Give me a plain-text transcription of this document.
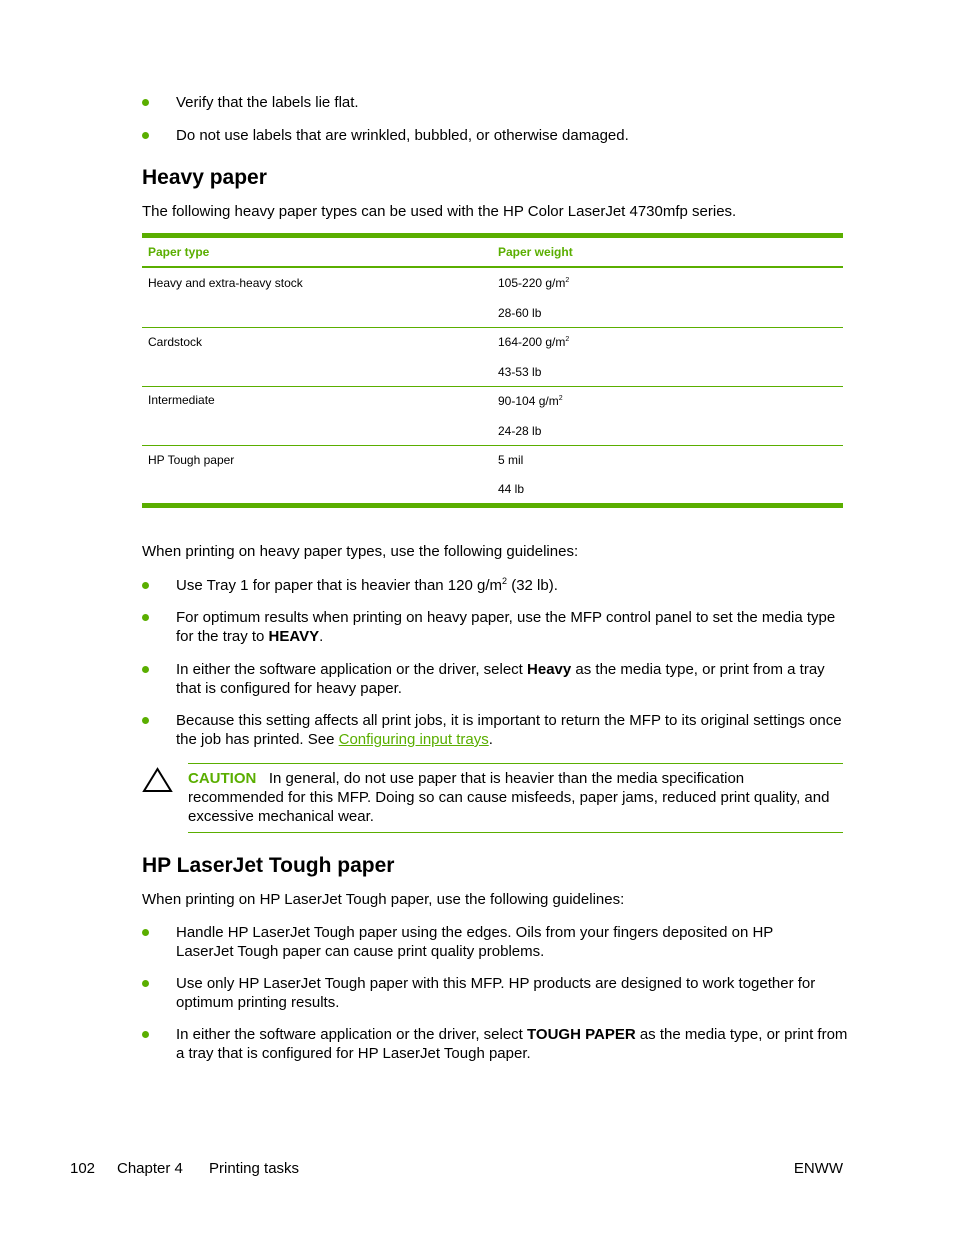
Verify that the labels lie flat.
Do not use labels that are wrinkled, bubbled, or otherwise damaged.
Heavy paper
The following heavy paper types can be used with the HP Color LaserJet 4730mfp series.
Paper type	Paper weight
Heavy and extra-heavy stock	105-220 $g/m^2$
28-60 lb
Cardstock	164-200 $g/m^2$
43-53 lb
Intermediate	90-104 $g/m^2$
24-28 lb
HP Tough paper	5 mil
44 lb
When printing on heavy paper types, use the following guidelines:
Use Tray 1 for paper that is heavier than 120 $g/m^2$ (32 lb).
For optimum results when printing on heavy paper, use the MFP control panel to set the media type for the tray to HEAVY.
In either the software application or the driver, select Heavy as the media type, or print from a tray that is configured for heavy paper.
Because this setting affects all print jobs, it is important to return the MFP to its original settings once the job has printed. See Configuring input trays.
CAUTION In general, do not use paper that is heavier than the media specification recommended for this MFP. Doing so can cause misfeeds, paper jams, reduced print quality, and excessive mechanical wear.
HP LaserJet Tough paper
When printing on HP LaserJet Tough paper, use the following guidelines:
Handle HP LaserJet Tough paper using the edges. Oils from your fingers deposited on HP LaserJet Tough paper can cause print quality problems.
Use only HP LaserJet Tough paper with this MFP. HP products are designed to work together for optimum printing results.
In either the software application or the driver, select TOUGH PAPER as the media type, or print from a tray that is configured for HP LaserJet Tough paper.
102 Chapter 4 Printing tasks	ENWW
